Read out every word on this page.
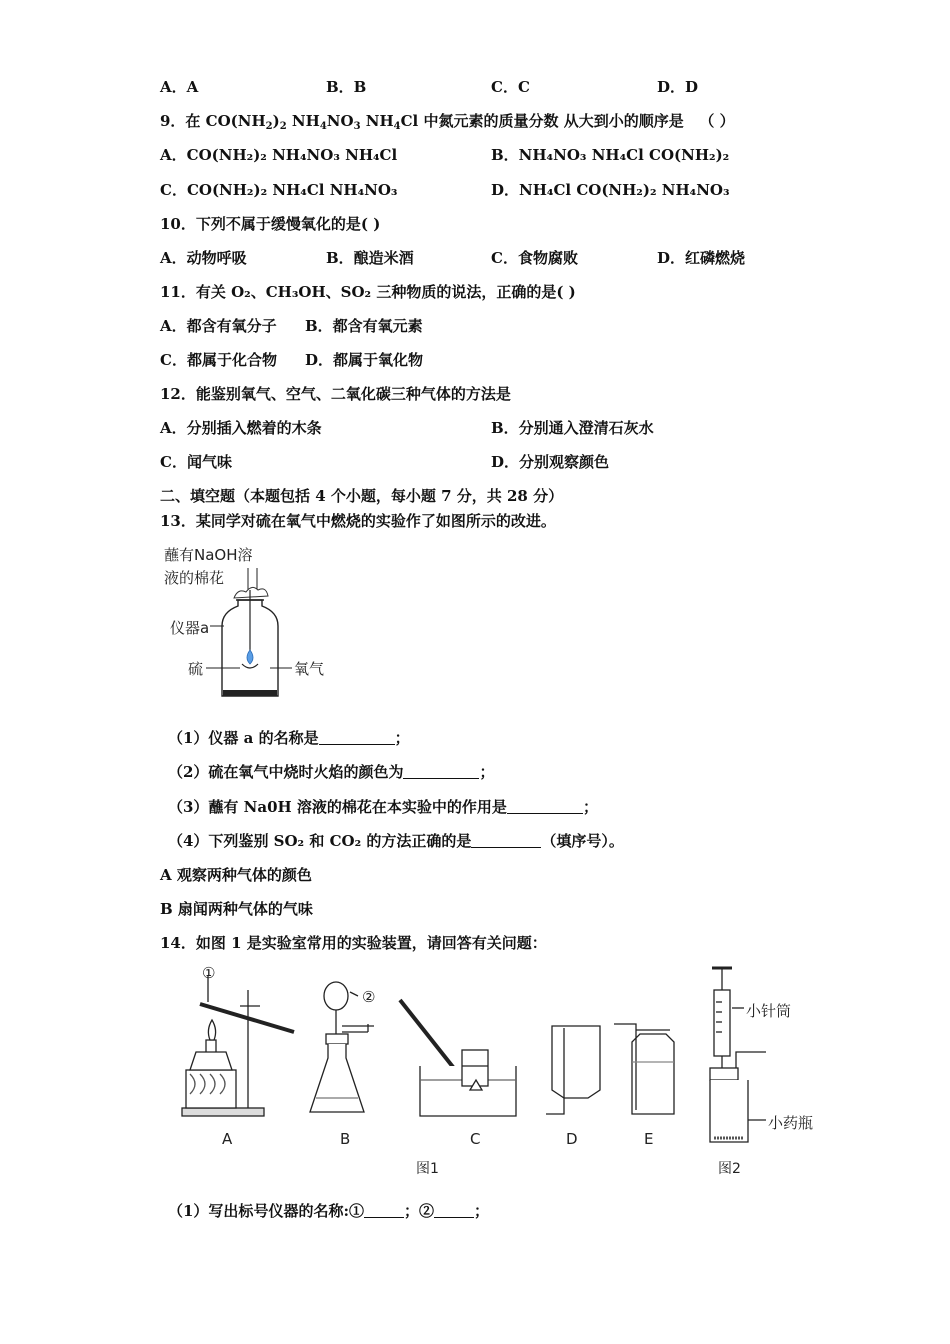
A．A	B．B	C．C	D．D
9．在 $CO(NH_2)_2$ $NH_4NO_3$ $NH_4Cl$ 中氮元素的质量分数 从大到小的顺序是 （ ）
A．CO(NH₂)₂ NH₄NO₃ NH₄Cl	B．NH₄NO₃ NH₄Cl CO(NH₂)₂
C．CO(NH₂)₂ NH₄Cl NH₄NO₃	D．NH₄Cl CO(NH₂)₂ NH₄NO₃
10．下列不属于缓慢氧化的是( )
A．动物呼吸	B．酿造米酒	C．食物腐败	D．红磷燃烧
11．有关 O₂、CH₃OH、SO₂ 三种物质的说法，正确的是( )
A．都含有氧分子 B．都含有氧元素
C．都属于化合物 D．都属于氧化物
12．能鉴别氧气、空气、二氧化碳三种气体的方法是
A．分别插入燃着的木条	B．分别通入澄清石灰水
C．闻气味	D．分别观察颜色
二、填空题（本题包括 4 个小题，每小题 7 分，共 28 分）
13．某同学对硫在氧气中燃烧的实验作了如图所示的改进。
蘸有NaOH溶
液的棉花
仪器a
硫	氧气
（1）仪器 a 的名称是	；
（2）硫在氧气中烧时火焰的颜色为	；
（3）蘸有 Na0H 溶液的棉花在本实验中的作用是	；
（4）下列鉴别 SO₂ 和 CO₂ 的方法正确的是	（填序号）。
A 观察两种气体的颜色
B 扇闻两种气体的气味
14．如图 1 是实验室常用的实验装置，请回答有关问题：
①
②
A	B	C	D	E
图1	图2
小针筒
小药瓶
（1）写出标号仪器的名称:①	；②	；
